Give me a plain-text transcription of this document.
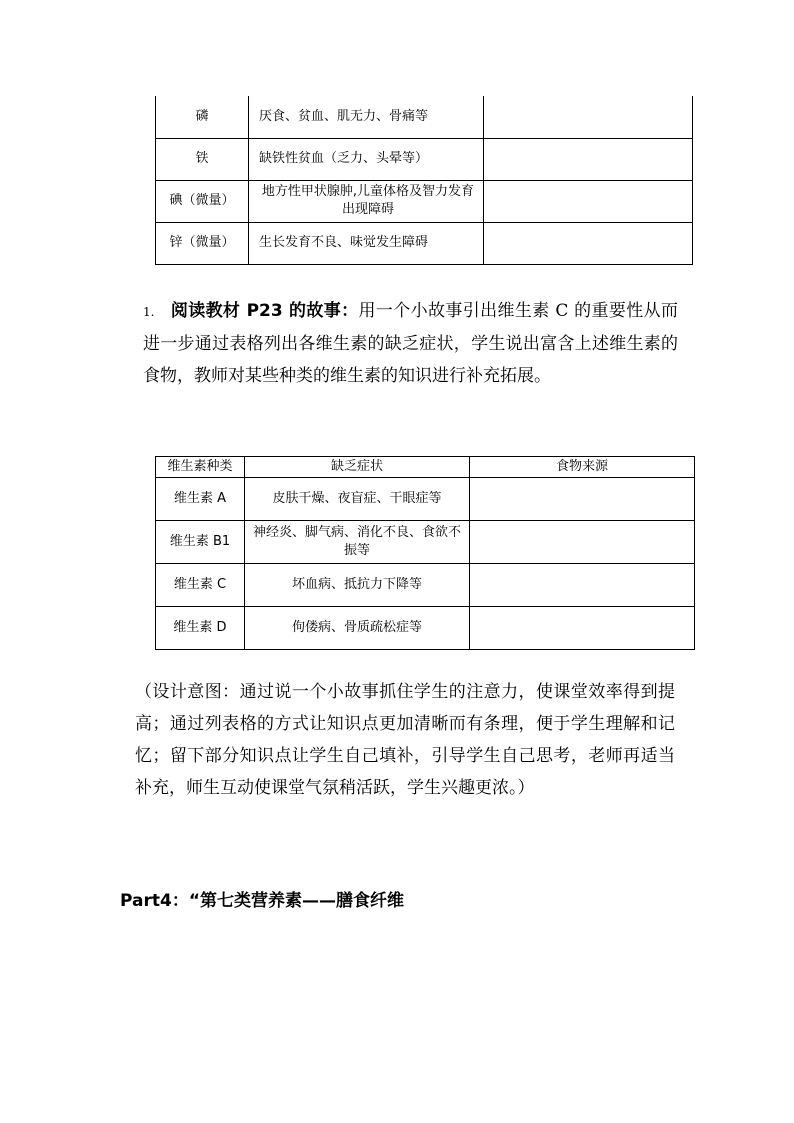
磷	厌食、贫血、肌无力、骨痛等	
铁	缺铁性贫血（乏力、头晕等）	
碘（微量）	地方性甲状腺肿,儿童体格及智力发育出现障碍	
锌（微量）	生长发育不良、味觉发生障碍	
1. 阅读教材 P23 的故事：用一个小故事引出维生素 C 的重要性从而进一步通过表格列出各维生素的缺乏症状，学生说出富含上述维生素的食物，教师对某些种类的维生素的知识进行补充拓展。
维生素种类	缺乏症状	食物来源
维生素 A	皮肤干燥、夜盲症、干眼症等	
维生素 B1	神经炎、脚气病、消化不良、食欲不振等	
维生素 C	坏血病、抵抗力下降等	
维生素 D	佝偻病、骨质疏松症等	
（设计意图：通过说一个小故事抓住学生的注意力，使课堂效率得到提高；通过列表格的方式让知识点更加清晰而有条理，便于学生理解和记忆；留下部分知识点让学生自己填补，引导学生自己思考，老师再适当补充，师生互动使课堂气氛稍活跃，学生兴趣更浓。）
Part4：“第七类营养素——膳食纤维
